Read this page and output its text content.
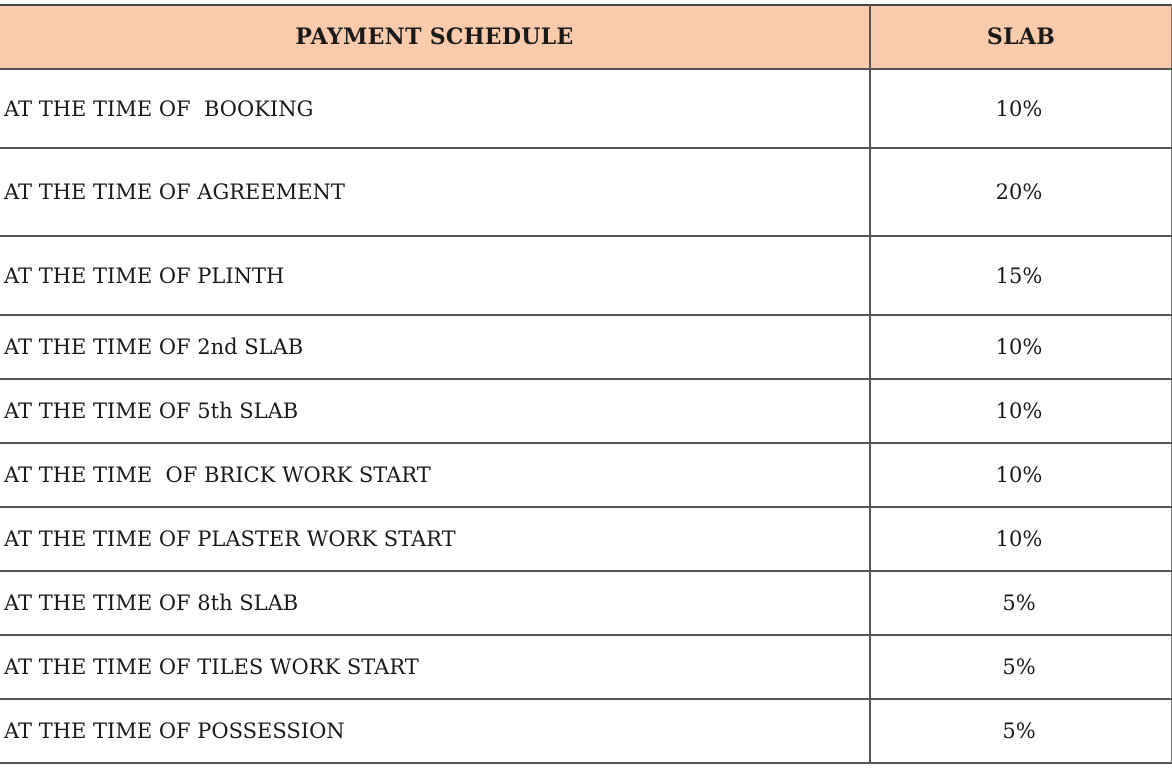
PAYMENT SCHEDULE	SLAB
AT THE TIME OF  BOOKING	10%
AT THE TIME OF AGREEMENT	20%
AT THE TIME OF PLINTH	15%
AT THE TIME OF 2nd SLAB	10%
AT THE TIME OF 5th SLAB	10%
AT THE TIME  OF BRICK WORK START	10%
AT THE TIME OF PLASTER WORK START	10%
AT THE TIME OF 8th SLAB	5%
AT THE TIME OF TILES WORK START	5%
AT THE TIME OF POSSESSION	5%
